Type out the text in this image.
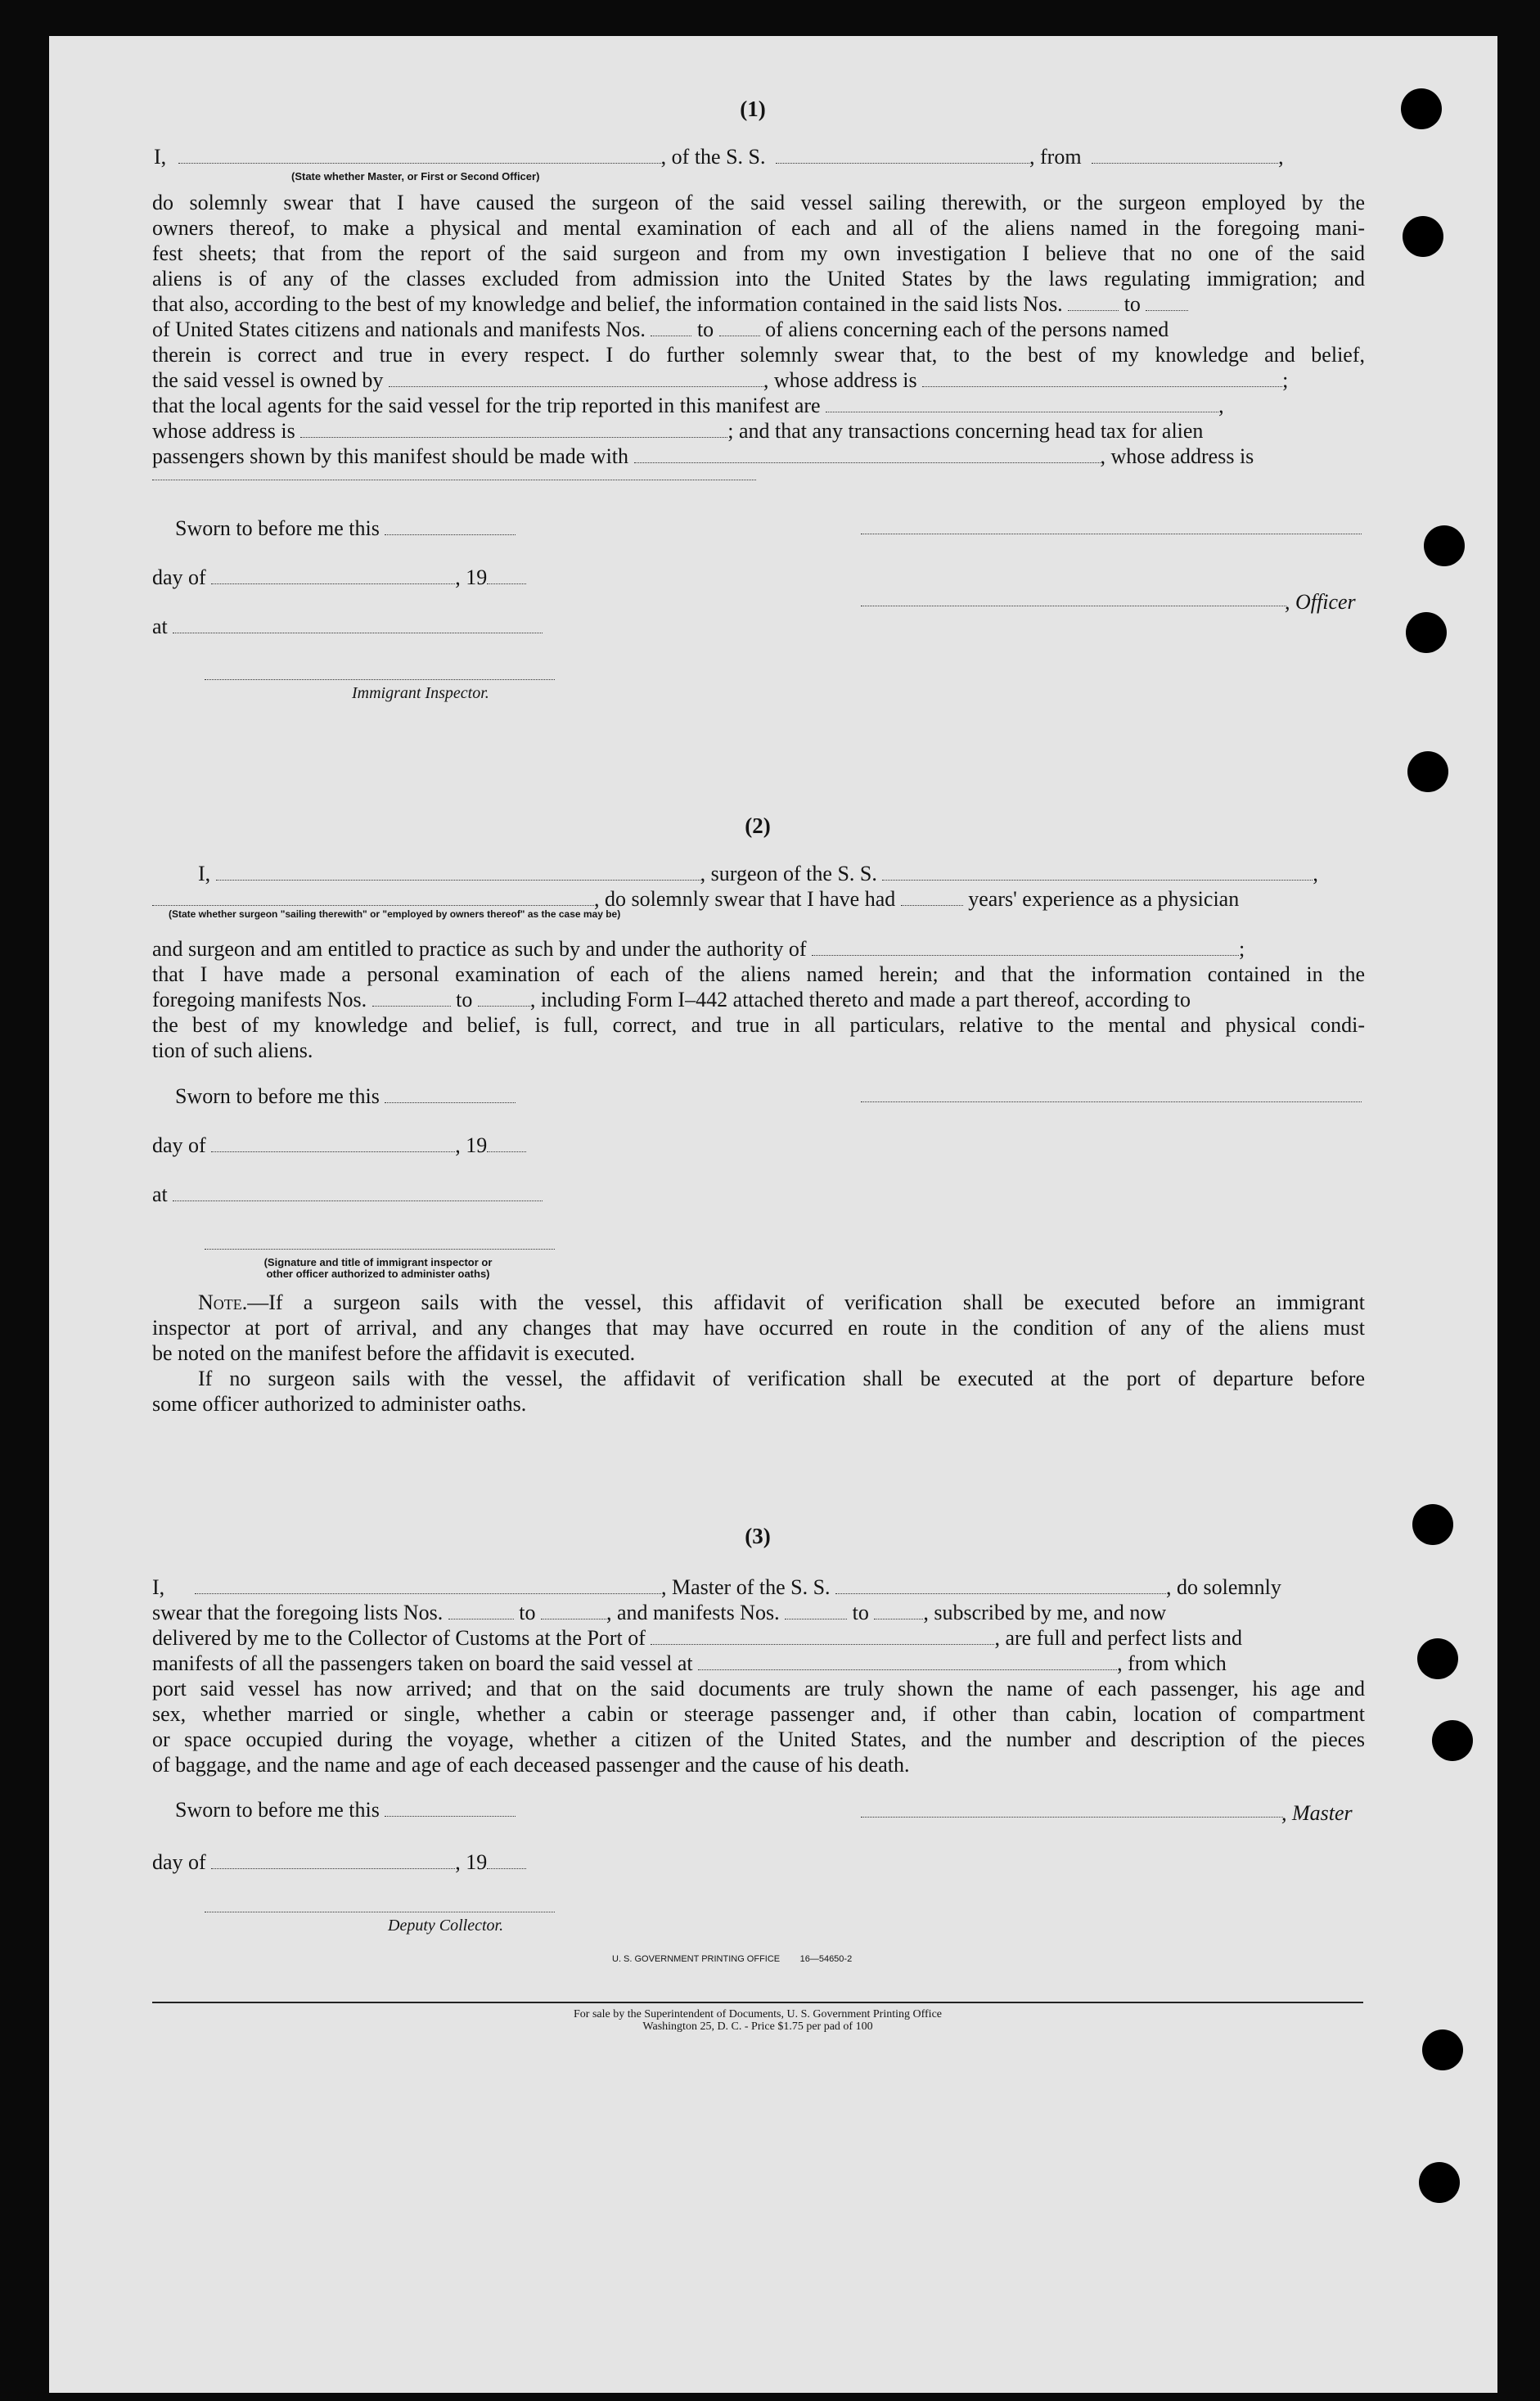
(1)
I,	, of the S. S.	, from	,
(State whether Master, or First or Second Officer)
do solemnly swear that I have caused the surgeon of the said vessel sailing therewith, or the surgeon employed by the
owners thereof, to make a physical and mental examination of each and all of the aliens named in the foregoing mani-
fest sheets; that from the report of the said surgeon and from my own investigation I believe that no one of the said
aliens is of any of the classes excluded from admission into the United States by the laws regulating immigration; and
that also, according to the best of my knowledge and belief, the information contained in the said lists Nos.	to
of United States citizens and nationals and manifests Nos. to of aliens concerning each of the persons named
therein is correct and true in every respect. I do further solemnly swear that, to the best of my knowledge and belief,
the said vessel is owned by	, whose address is	;
that the local agents for the said vessel for the trip reported in this manifest are	,
whose address is	; and that any transactions concerning head tax for alien
passengers shown by this manifest should be made with	, whose address is
Sworn to before me this
day of	, 19
, Officer
at
Immigrant Inspector.
(2)
I,	, surgeon of the S. S.	,
, do solemnly swear that I have had	years' experience as a physician
(State whether surgeon "sailing therewith" or "employed by owners thereof" as the case may be)
and surgeon and am entitled to practice as such by and under the authority of	;
that I have made a personal examination of each of the aliens named herein; and that the information contained in the
foregoing manifests Nos.	to	, including Form I–442 attached thereto and made a part thereof, according to
the best of my knowledge and belief, is full, correct, and true in all particulars, relative to the mental and physical condi-
tion of such aliens.
Sworn to before me this
day of	, 19
at
(Signature and title of immigrant inspector or
other officer authorized to administer oaths)
Note.—If a surgeon sails with the vessel, this affidavit of verification shall be executed before an immigrant
inspector at port of arrival, and any changes that may have occurred en route in the condition of any of the aliens must
be noted on the manifest before the affidavit is executed.
If no surgeon sails with the vessel, the affidavit of verification shall be executed at the port of departure before
some officer authorized to administer oaths.
(3)
I,	, Master of the S. S.	, do solemnly
swear that the foregoing lists Nos.	to	, and manifests Nos.	to	, subscribed by me, and now
delivered by me to the Collector of Customs at the Port of	, are full and perfect lists and
manifests of all the passengers taken on board the said vessel at	, from which
port said vessel has now arrived; and that on the said documents are truly shown the name of each passenger, his age and
sex, whether married or single, whether a cabin or steerage passenger and, if other than cabin, location of compartment
or space occupied during the voyage, whether a citizen of the United States, and the number and description of the pieces
of baggage, and the name and age of each deceased passenger and the cause of his death.
Sworn to before me this	, Master
day of	, 19
Deputy Collector.
U. S. GOVERNMENT PRINTING OFFICE        16—54650-2
For sale by the Superintendent of Documents, U. S. Government Printing Office
Washington 25, D. C. - Price $1.75 per pad of 100
